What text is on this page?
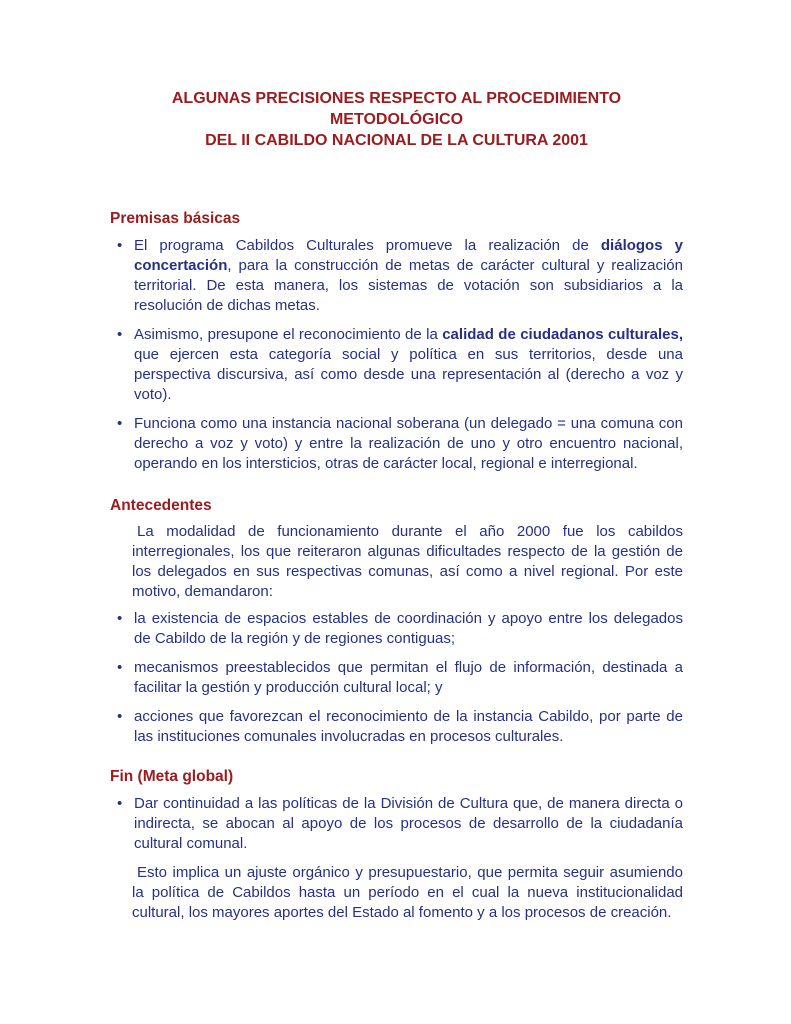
ALGUNAS PRECISIONES RESPECTO AL PROCEDIMIENTO METODOLÓGICO
DEL II CABILDO NACIONAL DE LA CULTURA 2001
Premisas básicas
• El programa Cabildos Culturales promueve la realización de diálogos y concertación, para la construcción de metas de carácter cultural y realización territorial. De esta manera, los sistemas de votación son subsidiarios a la resolución de dichas metas.
• Asimismo, presupone el reconocimiento de la calidad de ciudadanos culturales, que ejercen esta categoría social y política en sus territorios, desde una perspectiva discursiva, así como desde una representación al (derecho a voz y voto).
• Funciona como una instancia nacional soberana (un delegado = una comuna con derecho a voz y voto) y entre la realización de uno y otro encuentro nacional, operando en los intersticios, otras de carácter local, regional e interregional.
Antecedentes

La modalidad de funcionamiento durante el año 2000 fue los cabildos interregionales, los que reiteraron algunas dificultades respecto de la gestión de los delegados en sus respectivas comunas, así como a nivel regional. Por este motivo, demandaron:

• la existencia de espacios estables de coordinación y apoyo entre los delegados de Cabildo de la región y de regiones contiguas;
• mecanismos preestablecidos que permitan el flujo de información, destinada a facilitar la gestión y producción cultural local; y
• acciones que favorezcan el reconocimiento de la instancia Cabildo, por parte de las instituciones comunales involucradas en procesos culturales.
Fin (Meta global)
• Dar continuidad a las políticas de la División de Cultura que, de manera directa o indirecta, se abocan al apoyo de los procesos de desarrollo de la ciudadanía cultural comunal.

Esto implica un ajuste orgánico y presupuestario, que permita seguir asumiendo la política de Cabildos hasta un período en el cual la nueva institucionalidad cultural, los mayores aportes del Estado al fomento y a los procesos de creación.
